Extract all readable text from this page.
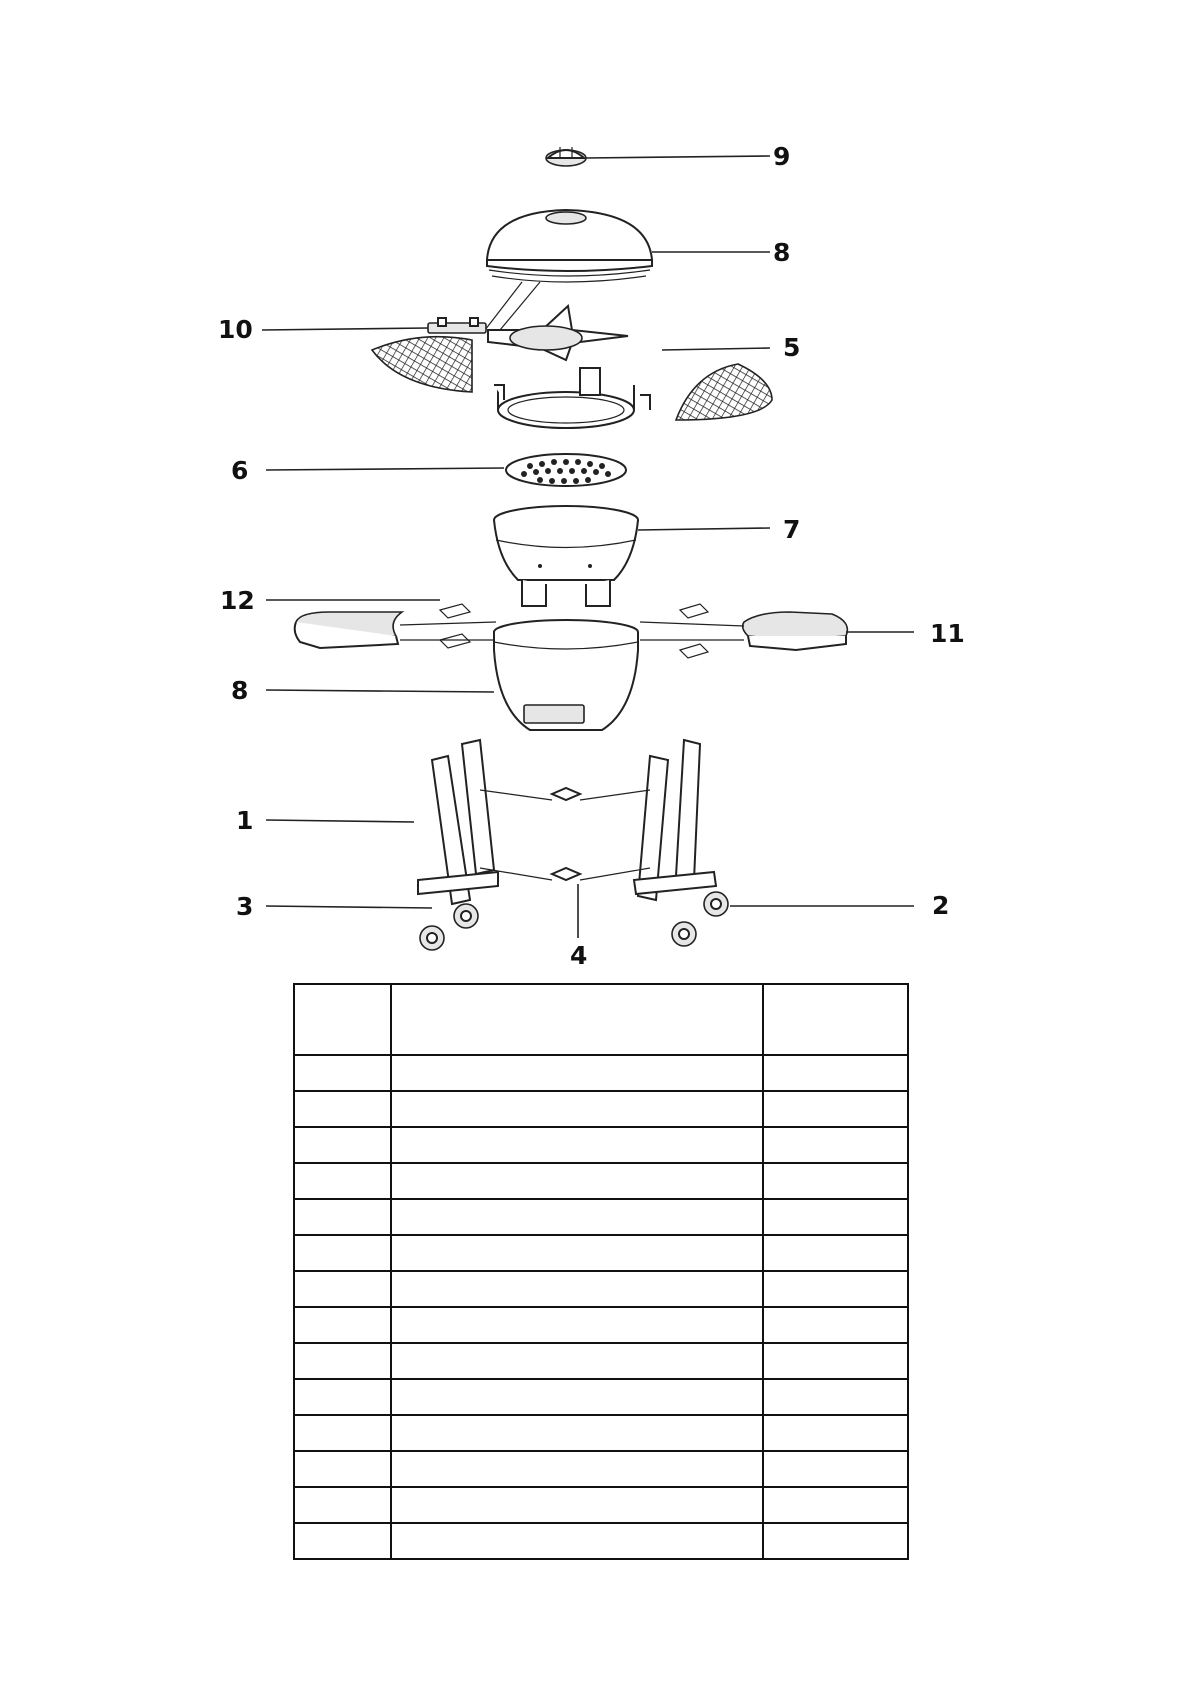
9
8
10
5
6
7
12
11
8
1
3	2
4
